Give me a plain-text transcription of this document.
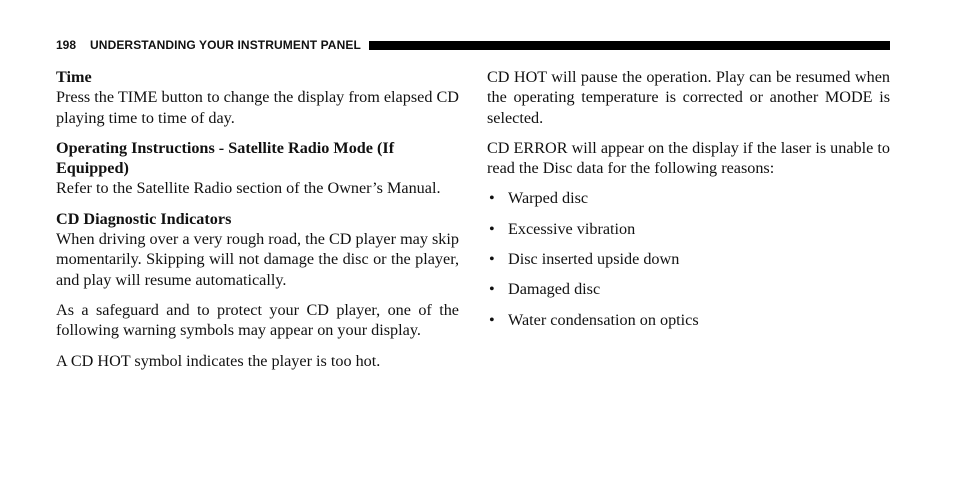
198 UNDERSTANDING YOUR INSTRUMENT PANEL
Time

Press the TIME button to change the display from elapsed CD playing time to time of day.

Operating Instructions - Satellite Radio Mode (If Equipped)

Refer to the Satellite Radio section of the Owner’s Manual.

CD Diagnostic Indicators

When driving over a very rough road, the CD player may skip momentarily. Skipping will not damage the disc or the player, and play will resume automatically.

As a safeguard and to protect your CD player, one of the following warning symbols may appear on your display.

A CD HOT symbol indicates the player is too hot.

CD HOT will pause the operation. Play can be resumed when the operating temperature is corrected or another MODE is selected.

CD ERROR will appear on the display if the laser is unable to read the Disc data for the following reasons:

• Warped disc
• Excessive vibration
• Disc inserted upside down
• Damaged disc
• Water condensation on optics
